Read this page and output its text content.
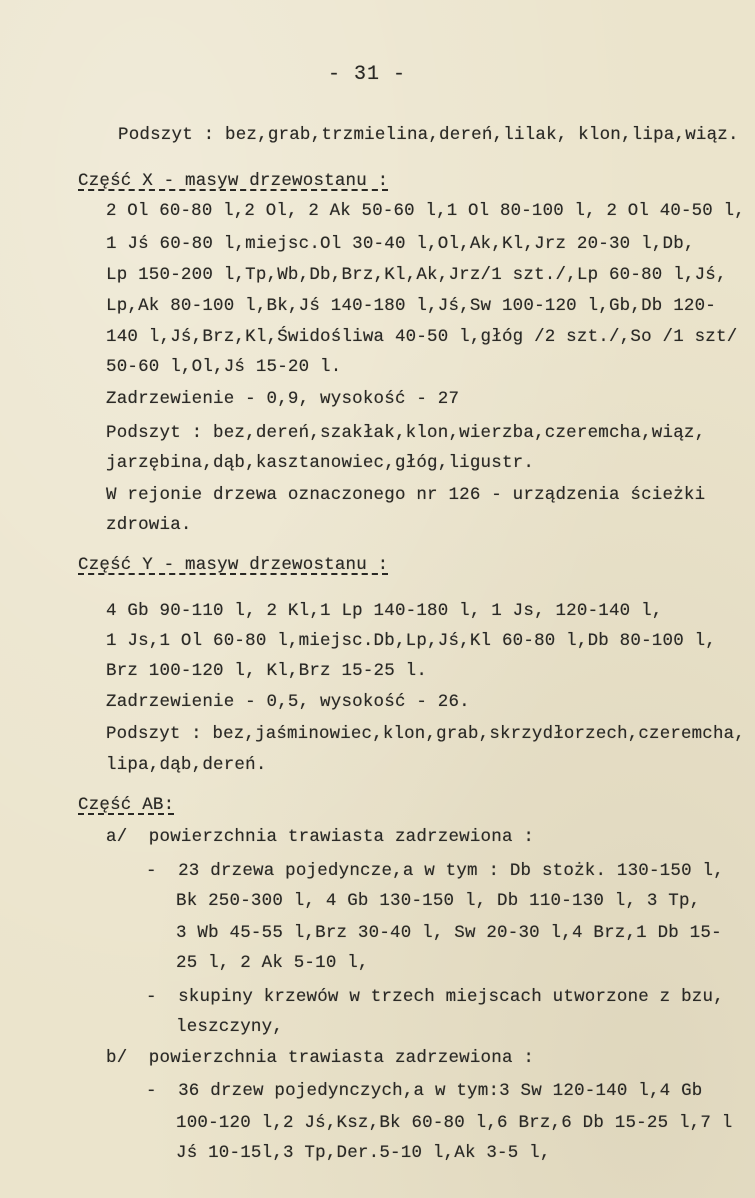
- 31 -
Podszyt : bez,grab,trzmielina,dereń,lilak, klon,lipa,wiąz.
Część X - masyw drzewostanu :
2 Ol 60-80 l,2 Ol, 2 Ak 50-60 l,1 Ol 80-100 l, 2 Ol 40-50 l,
1 Jś 60-80 l,miejsc.Ol 30-40 l,Ol,Ak,Kl,Jrz 20-30 l,Db,
Lp 150-200 l,Tp,Wb,Db,Brz,Kl,Ak,Jrz/1 szt./,Lp 60-80 l,Jś,
Lp,Ak 80-100 l,Bk,Jś 140-180 l,Jś,Sw 100-120 l,Gb,Db 120-
140 l,Jś,Brz,Kl,Świdośliwa 40-50 l,głóg /2 szt./,So /1 szt/
50-60 l,Ol,Jś 15-20 l.
Zadrzewienie - 0,9, wysokość - 27
Podszyt : bez,dereń,szakłak,klon,wierzba,czeremcha,wiąz,
jarzębina,dąb,kasztanowiec,głóg,ligustr.
W rejonie drzewa oznaczonego nr 126 - urządzenia ścieżki
zdrowia.
Część Y - masyw drzewostanu :
4 Gb 90-110 l, 2 Kl,1 Lp 140-180 l, 1 Js, 120-140 l,
1 Js,1 Ol 60-80 l,miejsc.Db,Lp,Jś,Kl 60-80 l,Db 80-100 l,
Brz 100-120 l, Kl,Brz 15-25 l.
Zadrzewienie - 0,5, wysokość - 26.
Podszyt : bez,jaśminowiec,klon,grab,skrzydłorzech,czeremcha,
lipa,dąb,dereń.
Część AB:
a/  powierzchnia trawiasta zadrzewiona :
-  23 drzewa pojedyncze,a w tym : Db stożk. 130-150 l,
Bk 250-300 l, 4 Gb 130-150 l, Db 110-130 l, 3 Tp,
3 Wb 45-55 l,Brz 30-40 l, Sw 20-30 l,4 Brz,1 Db 15-
25 l, 2 Ak 5-10 l,
-  skupiny krzewów w trzech miejscach utworzone z bzu,
leszczyny,
b/  powierzchnia trawiasta zadrzewiona :
-  36 drzew pojedynczych,a w tym:3 Sw 120-140 l,4 Gb
100-120 l,2 Jś,Ksz,Bk 60-80 l,6 Brz,6 Db 15-25 l,7 l
Jś 10-15l,3 Tp,Der.5-10 l,Ak 3-5 l,
